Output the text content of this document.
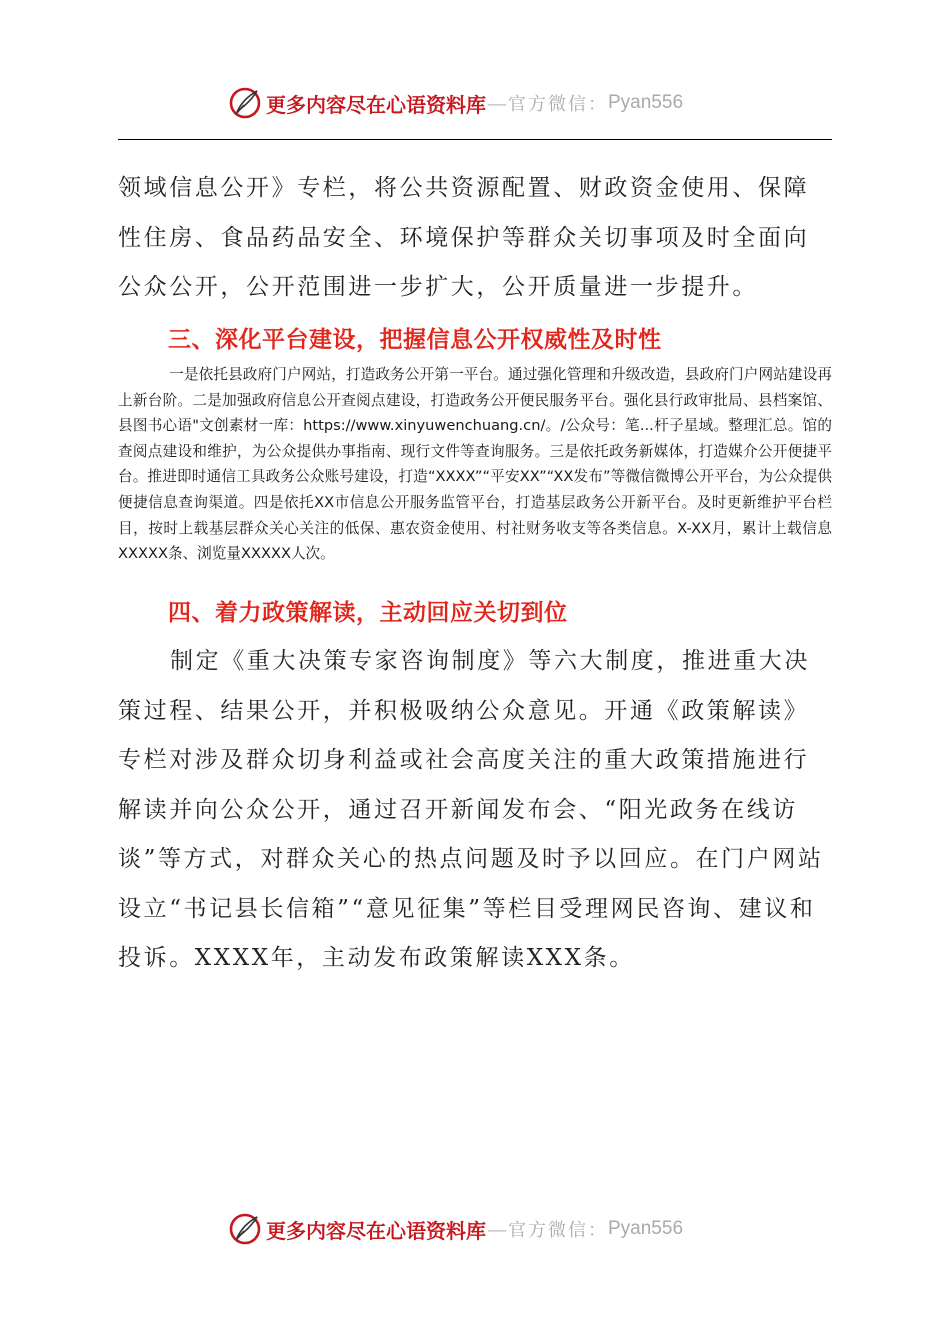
更多内容尽在心语资料库 — 官方微信： Pyan556

领域信息公开》专栏，将公共资源配置、财政资金使用、保障性住房、食品药品安全、环境保护等群众关切事项及时全面向公众公开，公开范围进一步扩大，公开质量进一步提升。

三、深化平台建设，把握信息公开权威性及时性

一是依托县政府门户网站，打造政务公开第一平台。通过强化管理和升级改造，县政府门户网站建设再上新台阶。二是加强政府信息公开查阅点建设，打造政务公开便民服务平台。强化县行政审批局、县档案馆、县图书心语"文创素材一库：https://www.xinyuwenchuang.cn/。/公众号：笔...杆子星域。整理汇总。馆的查阅点建设和维护，为公众提供办事指南、现行文件等查询服务。三是依托政务新媒体，打造媒介公开便捷平台。推进即时通信工具政务公众账号建设，打造“XXXX”“平安XX”“XX发布”等微信微博公开平台，为公众提供便捷信息查询渠道。四是依托XX市信息公开服务监管平台，打造基层政务公开新平台。及时更新维护平台栏目，按时上载基层群众关心关注的低保、惠农资金使用、村社财务收支等各类信息。X-XX月，累计上载信息XXXXX条、浏览量XXXXX人次。

四、着力政策解读，主动回应关切到位

制定《重大决策专家咨询制度》等六大制度，推进重大决策过程、结果公开，并积极吸纳公众意见。开通《政策解读》专栏对涉及群众切身利益或社会高度关注的重大政策措施进行解读并向公众公开，通过召开新闻发布会、“阳光政务在线访谈”等方式，对群众关心的热点问题及时予以回应。在门户网站设立“书记县长信箱”“意见征集”等栏目受理网民咨询、建议和投诉。XXXX年，主动发布政策解读XXX条。

更多内容尽在心语资料库 — 官方微信： Pyan556
